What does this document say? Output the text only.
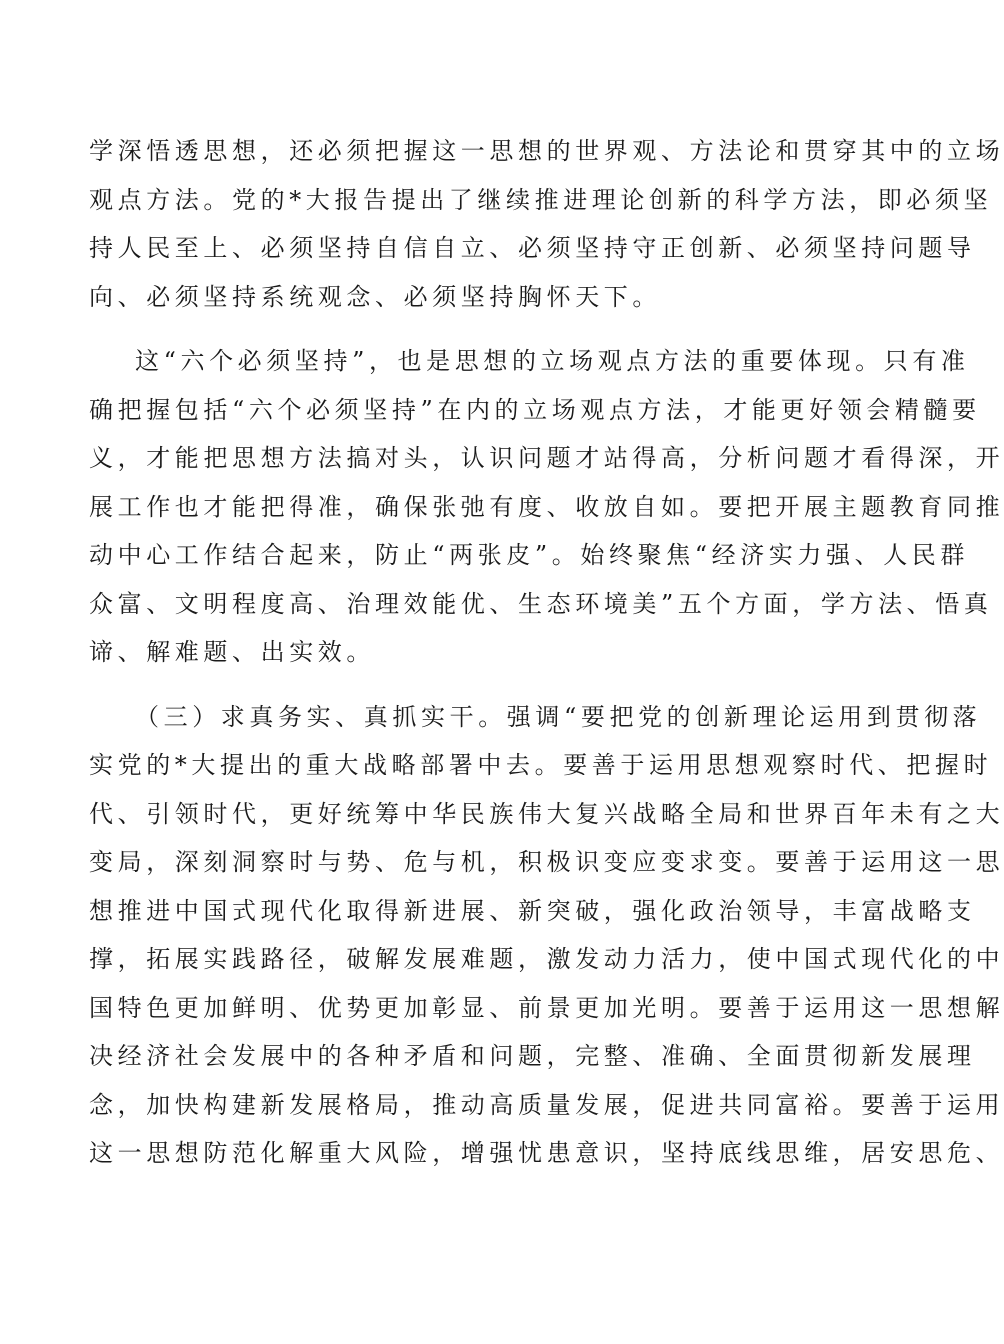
学深悟透思想，还必须把握这一思想的世界观、方法论和贯穿其中的立场
观点方法。党的*大报告提出了继续推进理论创新的科学方法，即必须坚
持人民至上、必须坚持自信自立、必须坚持守正创新、必须坚持问题导
向、必须坚持系统观念、必须坚持胸怀天下。
这“六个必须坚持”，也是思想的立场观点方法的重要体现。只有准
确把握包括“六个必须坚持”在内的立场观点方法，才能更好领会精髓要
义，才能把思想方法搞对头，认识问题才站得高，分析问题才看得深，开
展工作也才能把得准，确保张弛有度、收放自如。要把开展主题教育同推
动中心工作结合起来，防止“两张皮”。始终聚焦“经济实力强、人民群
众富、文明程度高、治理效能优、生态环境美”五个方面，学方法、悟真
谛、解难题、出实效。
（三）求真务实、真抓实干。强调“要把党的创新理论运用到贯彻落
实党的*大提出的重大战略部署中去。要善于运用思想观察时代、把握时
代、引领时代，更好统筹中华民族伟大复兴战略全局和世界百年未有之大
变局，深刻洞察时与势、危与机，积极识变应变求变。要善于运用这一思
想推进中国式现代化取得新进展、新突破，强化政治领导，丰富战略支
撑，拓展实践路径，破解发展难题，激发动力活力，使中国式现代化的中
国特色更加鲜明、优势更加彰显、前景更加光明。要善于运用这一思想解
决经济社会发展中的各种矛盾和问题，完整、准确、全面贯彻新发展理
念，加快构建新发展格局，推动高质量发展，促进共同富裕。要善于运用
这一思想防范化解重大风险，增强忧患意识，坚持底线思维，居安思危、
